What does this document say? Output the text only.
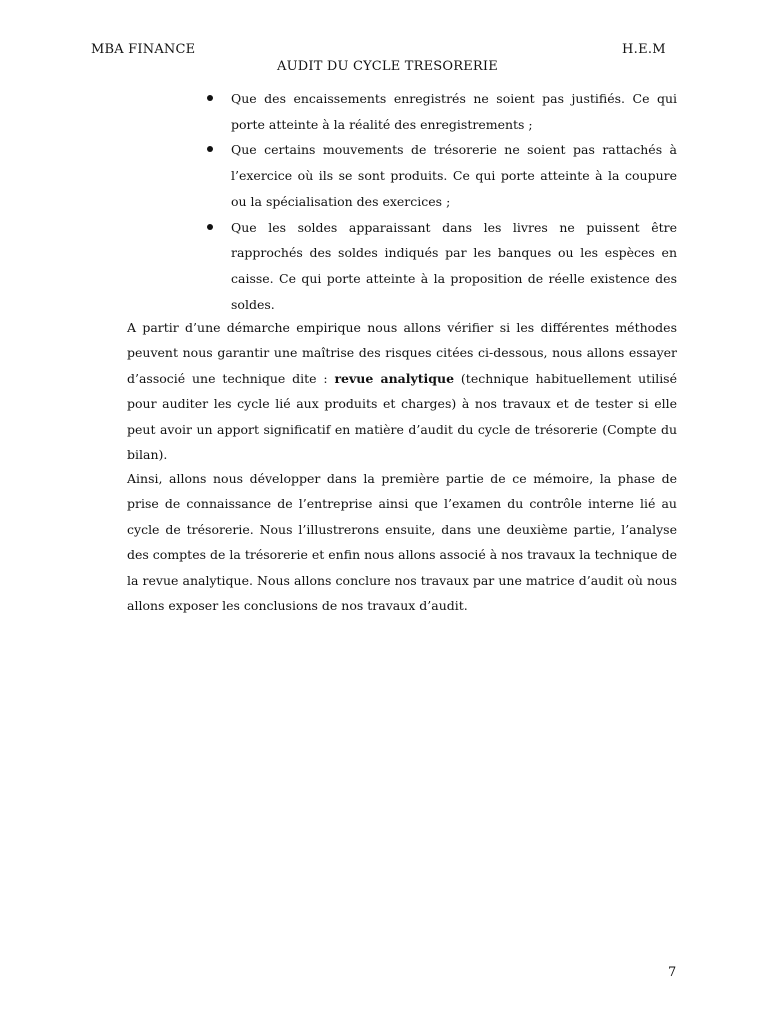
MBA FINANCE	H.E.M
AUDIT DU CYCLE TRESORERIE
Que des encaissements enregistrés ne soient pas justifiés. Ce qui porte atteinte à la réalité des enregistrements ;
Que certains mouvements de trésorerie ne soient pas rattachés à l’exercice où ils se sont produits. Ce qui porte atteinte à la coupure ou la spécialisation des exercices ;
Que les soldes apparaissant dans les livres ne puissent être rapprochés des soldes indiqués par les banques ou les espèces en caisse. Ce qui porte atteinte à la proposition de réelle existence des soldes.

A partir d’une démarche empirique nous allons vérifier si les différentes méthodes peuvent nous garantir une maîtrise des risques citées ci-dessous, nous allons essayer d’associé une technique dite : revue analytique (technique habituellement utilisé pour auditer les cycle lié aux produits et charges) à nos travaux et de tester si elle peut avoir un apport significatif en matière d’audit du cycle de trésorerie (Compte du bilan).

Ainsi, allons nous développer dans la première partie de ce mémoire, la phase de prise de connaissance de l’entreprise ainsi que l’examen du contrôle interne lié au cycle de trésorerie. Nous l’illustrerons ensuite, dans une deuxième partie, l’analyse des comptes de la trésorerie et enfin nous allons associé à nos travaux la technique de la revue analytique. Nous allons conclure nos travaux par une matrice d’audit où nous allons exposer les conclusions de nos travaux d’audit.

7
